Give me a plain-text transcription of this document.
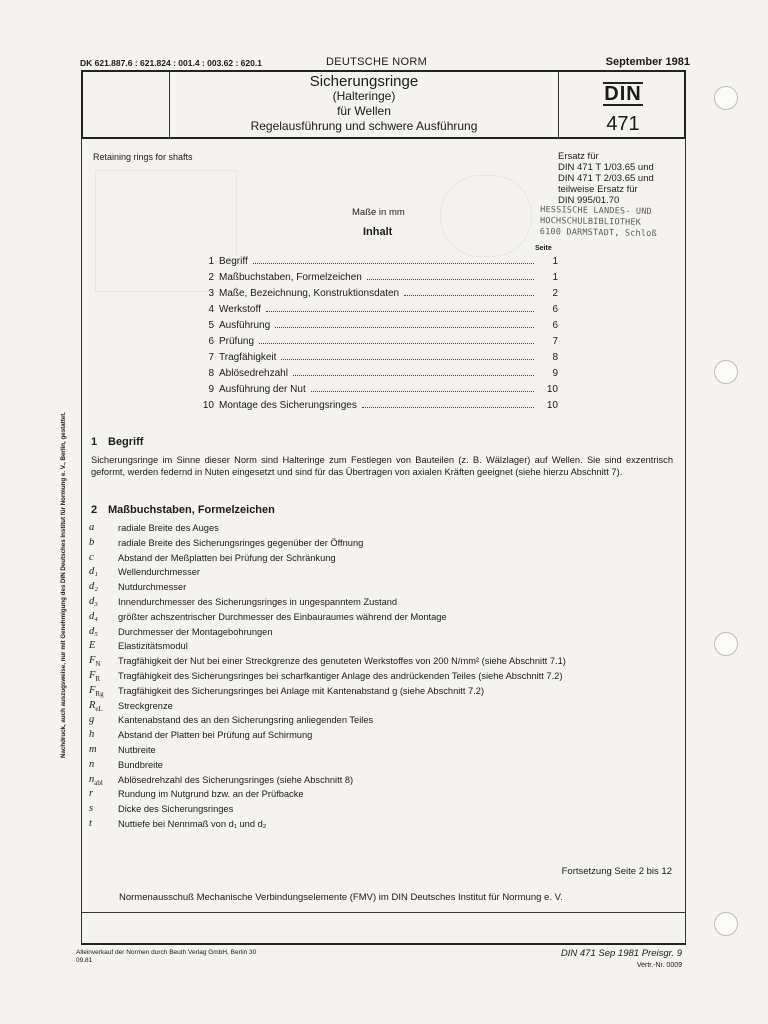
Nachdruck, auch auszugsweise, nur mit Genehmigung des DIN Deutsches Institut für Normung e. V., Berlin, gestattet.
DK 621.887.6 : 621.824 : 001.4 : 003.62 : 620.1	DEUTSCHE NORM	September 1981
Sicherungsringe
(Halteringe)
für Wellen
Regelausführung und schwere Ausführung
DIN
471
Retaining rings for shafts	Ersatz für
DIN 471 T 1/03.65 und
DIN 471 T 2/03.65 und
teilweise Ersatz für
DIN 995/01.70
HESSISCHE LANDES- UND
HOCHSCHULBIBLIOTHEK
6100 DARMSTADT, Schloß
Maße in mm
Inhalt
Seite
1 Begriff	1
2 Maßbuchstaben, Formelzeichen	1
3 Maße, Bezeichnung, Konstruktionsdaten	2
4 Werkstoff	6
5 Ausführung	6
6 Prüfung	7
7 Tragfähigkeit	8
8 Ablösedrehzahl	9
9 Ausführung der Nut	10
10 Montage des Sicherungsringes	10
1 Begriff
Sicherungsringe im Sinne dieser Norm sind Halteringe zum Festlegen von Bauteilen (z. B. Wälzlager) auf Wellen. Sie sind exzentrisch geformt, werden federnd in Nuten eingesetzt und sind für das Übertragen von axialen Kräften geeignet (siehe hierzu Abschnitt 7).
2 Maßbuchstaben, Formelzeichen
a	radiale Breite des Auges
b	radiale Breite des Sicherungsringes gegenüber der Öffnung
c	Abstand der Meßplatten bei Prüfung der Schränkung
d₁ Wellendurchmesser
d₂ Nutdurchmesser
d₃ Innendurchmesser des Sicherungsringes in ungespanntem Zustand
d₄ größter achszentrischer Durchmesser des Einbauraumes während der Montage
d₅ Durchmesser der Montagebohrungen
E Elastizitätsmodul
$F_N$ Tragfähigkeit der Nut bei einer Streckgrenze des genuteten Werkstoffes von 200 N/mm² (siehe Abschnitt 7.1)
$F_R$ Tragfähigkeit des Sicherungsringes bei scharfkantiger Anlage des andrückenden Teiles (siehe Abschnitt 7.2)
$F_{Rg}$ Tragfähigkeit des Sicherungsringes bei Anlage mit Kantenabstand g (siehe Abschnitt 7.2)
$R_{eL}$ Streckgrenze
g	Kantenabstand des an den Sicherungsring anliegenden Teiles
h	Abstand der Platten bei Prüfung auf Schirmung
m Nutbreite
n	Bundbreite
$n_{abl}$ Ablösedrehzahl des Sicherungsringes (siehe Abschnitt 8)
r	Rundung im Nutgrund bzw. an der Prüfbacke
s	Dicke des Sicherungsringes
t	Nuttiefe bei Nennmaß von d₁ und d₂
Fortsetzung Seite 2 bis 12
Normenausschuß Mechanische Verbindungselemente (FMV) im DIN Deutsches Institut für Normung e. V.
Alleinverkauf der Normen durch Beuth Verlag GmbH, Berlin 30
09.81
DIN 471 Sep 1981 Preisgr. 9
Vertr.-Nr. 0009
